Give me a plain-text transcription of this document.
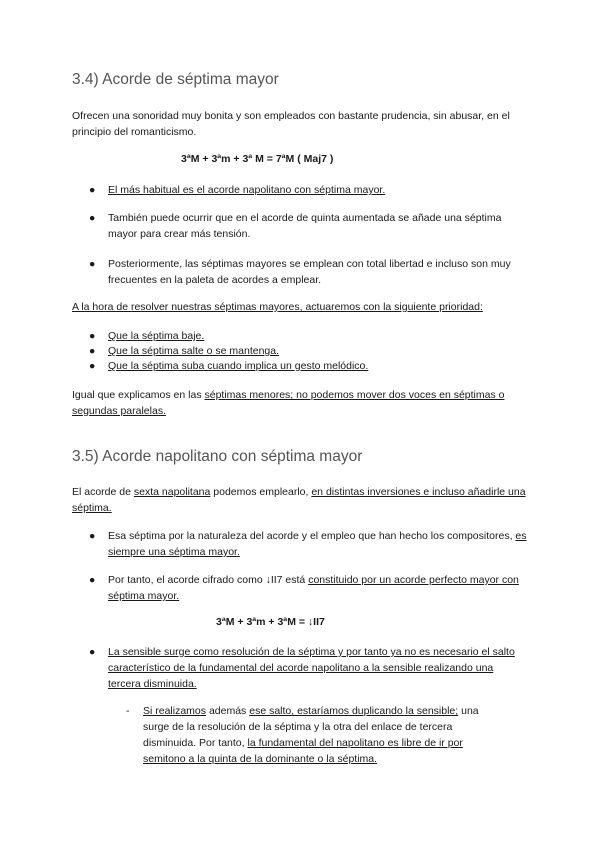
3.4) Acorde de séptima mayor

Ofrecen una sonoridad muy bonita y son empleados con bastante prudencia, sin abusar, en el principio del romanticismo.

3ªM + 3ªm + 3ª M = 7ªM ( Maj7 )

● El más habitual es el acorde napolitano con séptima mayor.
● También puede ocurrir que en el acorde de quinta aumentada se añade una séptima mayor para crear más tensión.
● Posteriormente, las séptimas mayores se emplean con total libertad e incluso son muy frecuentes en la paleta de acordes a emplear.

A la hora de resolver nuestras séptimas mayores, actuaremos con la siguiente prioridad:

● Que la séptima baje.
● Que la séptima salte o se mantenga.
● Que la séptima suba cuando implica un gesto melódico.

Igual que explicamos en las séptimas menores; no podemos mover dos voces en séptimas o segundas paralelas.

3.5) Acorde napolitano con séptima mayor

El acorde de sexta napolitana podemos emplearlo, en distintas inversiones e incluso añadirle una séptima.

● Esa séptima por la naturaleza del acorde y el empleo que han hecho los compositores, es siempre una séptima mayor.
● Por tanto, el acorde cifrado como ↓II7 está constituido por un acorde perfecto mayor con séptima mayor.

3ªM + 3ªm + 3ªM = ↓II7

● La sensible surge como resolución de la séptima y por tanto ya no es necesario el salto característico de la fundamental del acorde napolitano a la sensible realizando una tercera disminuida.
- Si realizamos además ese salto, estaríamos duplicando la sensible; una surge de la resolución de la séptima y la otra del enlace de tercera disminuida. Por tanto, la fundamental del napolitano es libre de ir por semitono a la quinta de la dominante o la séptima.
